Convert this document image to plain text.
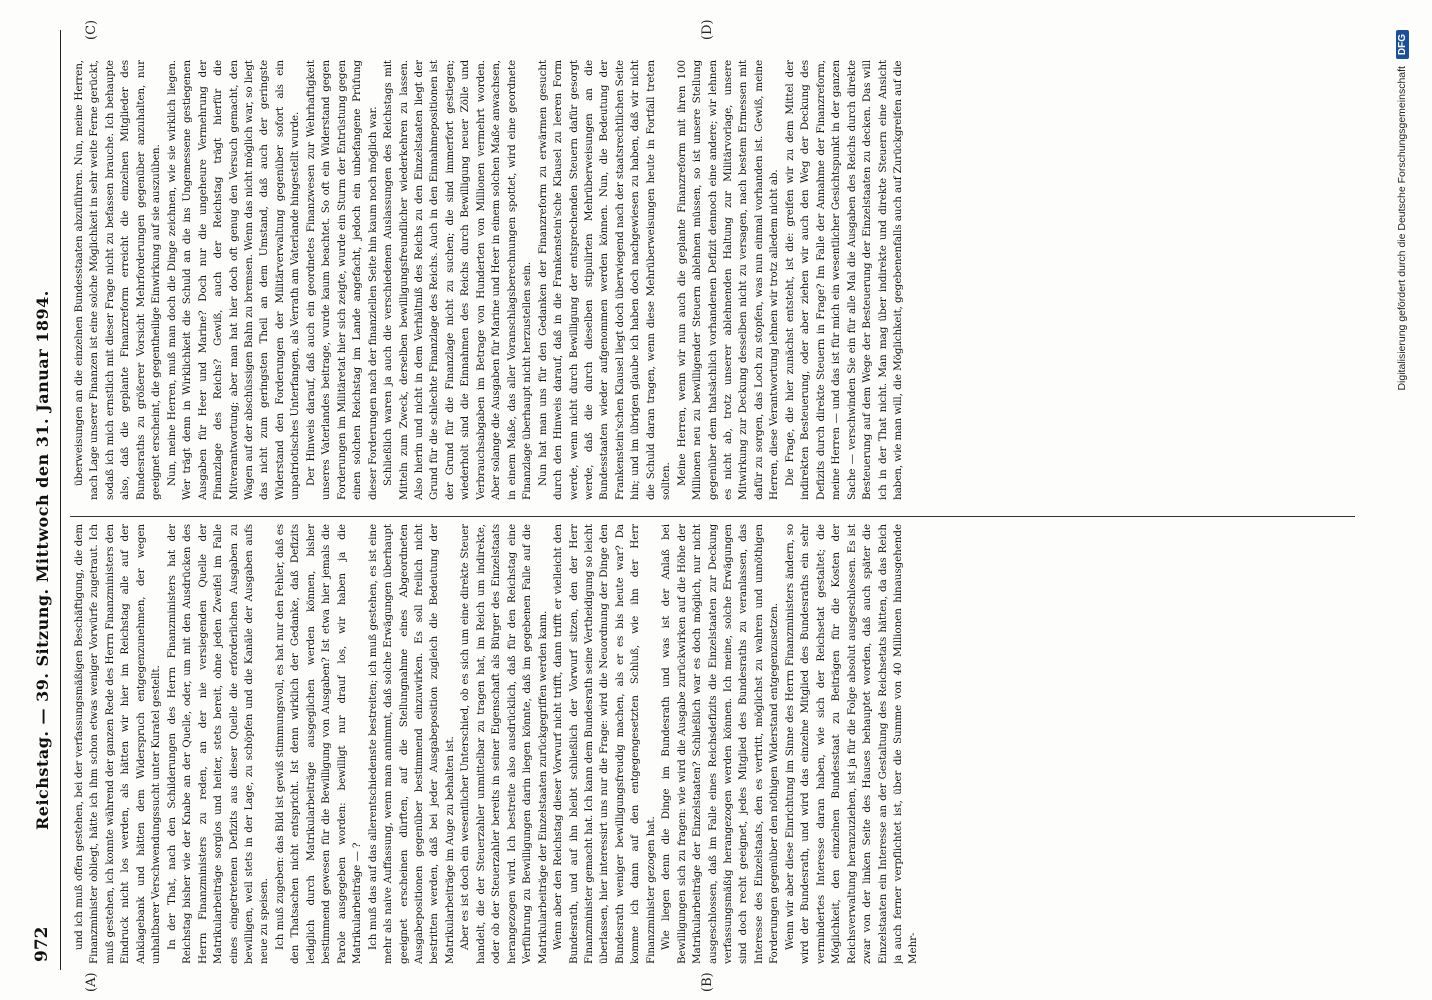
972
Reichstag. — 39. Sitzung. Mittwoch den 31. Januar 1894. und ich muß offen gestehen, bei der verfassungsmäßigen Beschäftigung, die dem Finanzminister obliegt, hätte ich ihm schon etwas weniger Vorwürfe zugetraut. Ich muß gestehen, ich konnte während der ganzen Rede des Herrn Finanzministers den Eindruck nicht los werden, als hätten wir hier im Reichstag alle auf der Anklagebank und hätten dem Widerspruch entgegenzunehmen, der wegen unhaltbarer Verschwendungssucht unter Kuratel gestellt. In der That, nach den Schilderungen des Herrn Finanzministers hat der Reichstag bisher wie der Knabe an der Quelle, oder, um mit den Ausdrücken des Herrn Finanzministers zu reden, an der nie versiegenden Quelle der Matrikularbeiträge sorglos und heiter, stets bereit, ohne jeden Zweifel im Falle eines eingetretenen Defizits aus dieser Quelle die erforderlichen Ausgaben zu bewilligen, weil stets in der Lage, zu schöpfen und die Kanäle der Ausgaben aufs neue zu speisen. Ich muß zugeben: das Bild ist gewiß stimmungsvoll, es hat nur den Fehler, daß es den Thatsachen nicht entspricht. Ist denn wirklich der Gedanke, daß Defizits lediglich durch Matrikularbeiträge ausgeglichen werden können, bisher bestimmend gewesen für die Bewilligung von Ausgaben? Ist etwa hier jemals die Parole ausgegeben worden: bewilligt nur drauf los, wir haben ja die Matrikularbeiträge — ? Ich muß das auf das allerentschiedenste bestreiten; ich muß gestehen, es ist eine mehr als naive Auffassung, wenn man annimmt, daß solche Erwägungen überhaupt geeignet erscheinen dürften, auf die Stellungnahme eines Abgeordneten Ausgabepositionen gegenüber bestimmend einzuwirken. Es soll freilich nicht bestritten werden, daß bei jeder Ausgabeposition zugleich die Bedeutung der Matrikularbeiträge im Auge zu behalten ist. Aber es ist doch ein wesentlicher Unterschied, ob es sich um eine direkte Steuer handelt, die der Steuerzahler unmittelbar zu tragen hat, im Reich um indirekte, oder ob der Steuerzahler bereits in seiner Eigenschaft als Bürger des Einzelstaats herangezogen wird. Ich bestreite also ausdrücklich, daß für den Reichstag eine Verführung zu Bewilligungen darin liegen könnte, daß im gegebenen Falle auf die Matrikularbeiträge der Einzelstaaten zurückgegriffen werden kann. Wenn aber den Reichstag dieser Vorwurf nicht trifft, dann trifft er vielleicht den Bundesrath, und auf ihn bleibt schließlich der Vorwurf sitzen, den der Herr Finanzminister gemacht hat. Ich kann dem Bundesrath seine Vertheidigung so leicht überlassen, hier interessirt uns nur die Frage: wird die Neuordnung der Dinge den Bundesrath weniger bewilligungsfreudig machen, als er es bis heute war? Da komme ich dann auf den entgegengesetzten Schluß, wie ihn der Herr Finanzminister gezogen hat. Wie liegen denn die Dinge im Bundesrath und was ist der Anlaß bei Bewilligungen sich zu fragen: wie wird die Ausgabe zurückwirken auf die Höhe der Matrikularbeiträge der Einzelstaaten? Schließlich war es doch möglich, nur nicht ausgeschlossen, daß im Falle eines Reichsdefizits die Einzelstaaten zur Deckung verfassungsmäßig herangezogen werden können. Ich meine, solche Erwägungen sind doch recht geeignet, jedes Mitglied des Bundesraths zu veranlassen, das Interesse des Einzelstaats, den es vertritt, möglichst zu wahren und unnöthigen Forderungen gegenüber den nöthigen Widerstand entgegenzusetzen. Wenn wir aber diese Einrichtung im Sinne des Herrn Finanzministers ändern, so wird der Bundesrath, und wird das einzelne Mitglied des Bundesraths ein sehr vermindertes Interesse daran haben, wie sich der Reichsetat gestaltet; die Möglichkeit, den einzelnen Bundesstaat zu Beiträgen für die Kosten der Reichsverwaltung heranzuziehen, ist ja für die Folge absolut ausgeschlossen. Es ist zwar von der linken Seite des Hauses behauptet worden, daß auch später die Einzelstaaten ein Interesse an der Gestaltung des Reichsetats hätten, da das Reich ja auch ferner verpflichtet ist, über die Summe von 40 Millionen hinausgehende Mehr-

überweisungen an die einzelnen Bundesstaaten abzuführen. Nun, meine Herren, nach Lage unserer Finanzen ist eine solche Möglichkeit in sehr weite Ferne gerückt, sodaß ich mich ernstlich mit dieser Frage nicht zu befassen brauche. Ich behaupte also, daß die geplante Finanzreform erreicht die einzelnen Mitglieder des Bundesraths zu größerer Vorsicht Mehrforderungen gegenüber anzuhalten, nur geeignet erscheint, die gegentheilige Einwirkung auf sie auszuüben. Nun, meine Herren, muß man doch die Dinge zeichnen, wie sie wirklich liegen. Wer trägt denn in Wirklichkeit die Schuld an die ins Ungemessene gestiegenen Ausgaben für Heer und Marine? Doch nur die ungeheure Vermehrung der Finanzlage des Reichs? Gewiß, auch der Reichstag trägt hierfür die Mitverantwortung; aber man hat hier doch oft genug den Versuch gemacht, den Wagen auf der abschüssigen Bahn zu bremsen. Wenn das nicht möglich war, so liegt das nicht zum geringsten Theil an dem Umstand, daß auch der geringste Widerstand den Forderungen der Militärverwaltung gegenüber sofort als ein unpatriotisches Unterfangen, als Verrath am Vaterlande hingestellt wurde. Der Hinweis darauf, daß auch ein geordnetes Finanzwesen zur Wehrhaftigkeit unseres Vaterlandes beitrage, wurde kaum beachtet. So oft ein Widerstand gegen Forderungen im Militäretat hier sich zeigte, wurde ein Sturm der Entrüstung gegen einen solchen Reichstag im Lande angefacht, jedoch ein unbefangene Prüfung dieser Forderungen nach der finanziellen Seite hin kaum noch möglich war. Schließlich waren ja auch die verschiedenen Auslassungen des Reichstags mit Mitteln zum Zweck, derselben bewilligungsfreundlicher wiederkehren zu lassen. Also hierin und nicht in dem Verhältniß des Reichs zu den Einzelstaaten liegt der Grund für die schlechte Finanzlage des Reichs. Auch in den Einnahmepositionen ist der Grund für die Finanzlage nicht zu suchen; die sind immerfort gestiegen; wiederholt sind die Einnahmen des Reichs durch Bewilligung neuer Zölle und Verbrauchsabgaben im Betrage von Hunderten von Millionen vermehrt worden. Aber solange die Ausgaben für Marine und Heer in einem solchen Maße anwachsen, in einem Maße, das aller Voranschlagsberechnungen spottet, wird eine geordnete Finanzlage überhaupt nicht herzustellen sein. Nun hat man uns für den Gedanken der Finanzreform zu erwärmen gesucht durch den Hinweis darauf, daß in die Frankenstein'sche Klausel zu leeren Form werde, wenn nicht durch Bewilligung der entsprechenden Steuern dafür gesorgt werde, daß die durch dieselben stipulirten Mehrüberweisungen an die Bundesstaaten wieder aufgenommen werden können. Nun, die Bedeutung der Frankenstein'schen Klausel liegt doch überwiegend nach der staatsrechtlichen Seite hin; und im übrigen glaube ich haben doch nachgewiesen zu haben, daß wir nicht die Schuld daran tragen, wenn diese Mehrüberweisungen heute in Fortfall treten sollten. Meine Herren, wenn wir nun auch die geplante Finanzreform mit ihren 100 Millionen neu zu bewilligender Steuern ablehnen müssen, so ist unsere Stellung gegenüber dem thatsächlich vorhandenen Defizit dennoch eine andere; wir lehnen es nicht ab, trotz unserer ablehnenden Haltung zur Militärvorlage, unsere Mitwirkung zur Deckung desselben nicht zu versagen, nach bestem Ermessen mit dafür zu sorgen, das Loch zu stopfen, was nun einmal vorhanden ist. Gewiß, meine Herren, diese Verantwortung lehnen wir trotz alledem nicht ab. Die Frage, die hier zunächst entsteht, ist die: greifen wir zu dem Mittel der indirekten Besteuerung, oder aber ziehen wir auch den Weg der Deckung des Defizits durch direkte Steuern in Frage? Im Falle der Annahme der Finanzreform, meine Herren — und das ist für mich ein wesentlicher Gesichtspunkt in der ganzen Sache — verschwinden Sie ein für alle Mal die Ausgaben des Reichs durch direkte Besteuerung auf dem Wege der Besteuerung der Einzelstaaten zu decken. Das will ich in der That nicht. Man mag über indirekte und direkte Steuern eine Ansicht haben, wie man will, die Möglichkeit, gegebenenfalls auch auf Zurückgreifen auf die

(A)	(B)
(C)	(D)
Digitalisierung gefördert durch die Deutsche Forschungsgemeinschaft DFG
